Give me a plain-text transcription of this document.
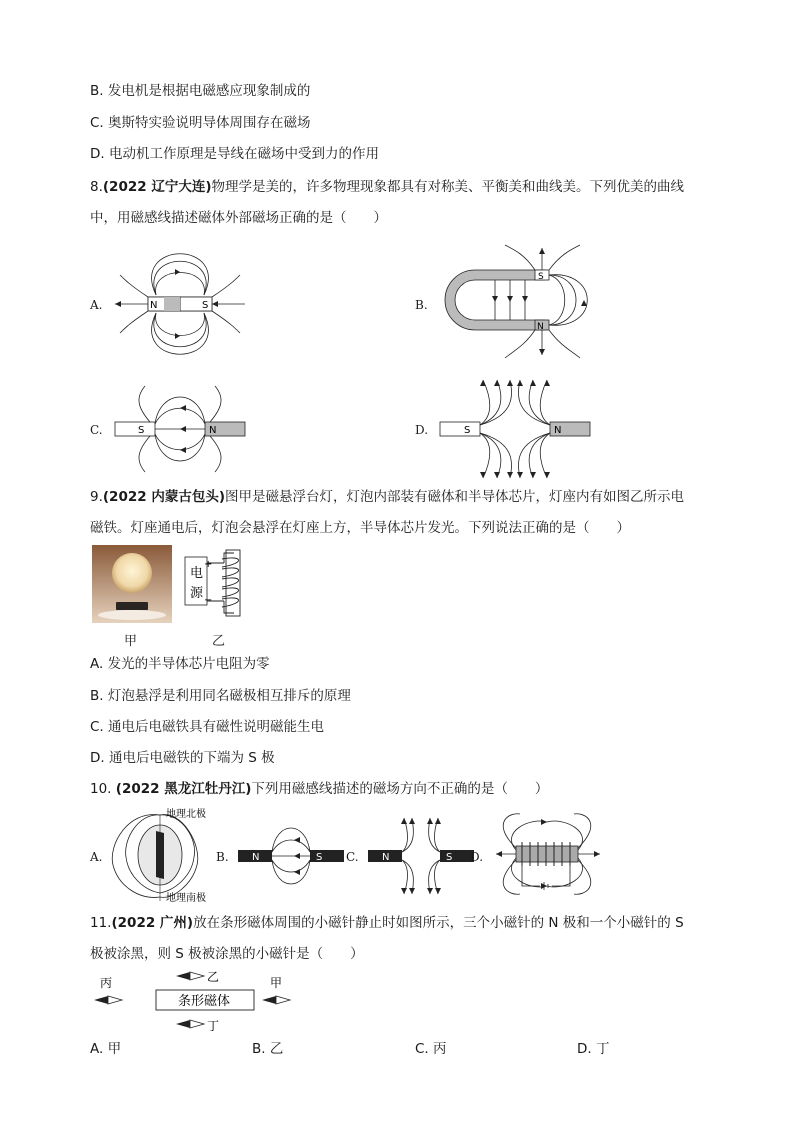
B. 发电机是根据电磁感应现象制成的
C. 奥斯特实验说明导体周围存在磁场
D. 电动机工作原理是导线在磁场中受到力的作用
8.(2022 辽宁大连)物理学是美的，许多物理现象都具有对称美、平衡美和曲线美。下列优美的曲线
中，用磁感线描述磁体外部磁场正确的是（　　）
A.	N	S	B.
S
N
C.	S	N	D.	S	N
9.(2022 内蒙古包头)图甲是磁悬浮台灯，灯泡内部装有磁体和半导体芯片，灯座内有如图乙所示电
磁铁。灯座通电后，灯泡会悬浮在灯座上方，半导体芯片发光。下列说法正确的是（　　）
电
源
+
−
甲	乙
A. 发光的半导体芯片电阻为零
B. 灯泡悬浮是利用同名磁极相互排斥的原理
C. 通电后电磁铁具有磁性说明磁能生电
D. 通电后电磁铁的下端为 S 极
10. (2022 黑龙江牡丹江)下列用磁感线描述的磁场方向不正确的是（　　）
A.
地理北极
地理南极
B. N	S C. N	S D.
11.(2022 广州)放在条形磁体周围的小磁针静止时如图所示，三个小磁针的 N 极和一个小磁针的 S
极被涂黑，则 S 极被涂黑的小磁针是（　　）
条形磁体
乙
丙	甲
丁
A. 甲	B. 乙	C. 丙	D. 丁
